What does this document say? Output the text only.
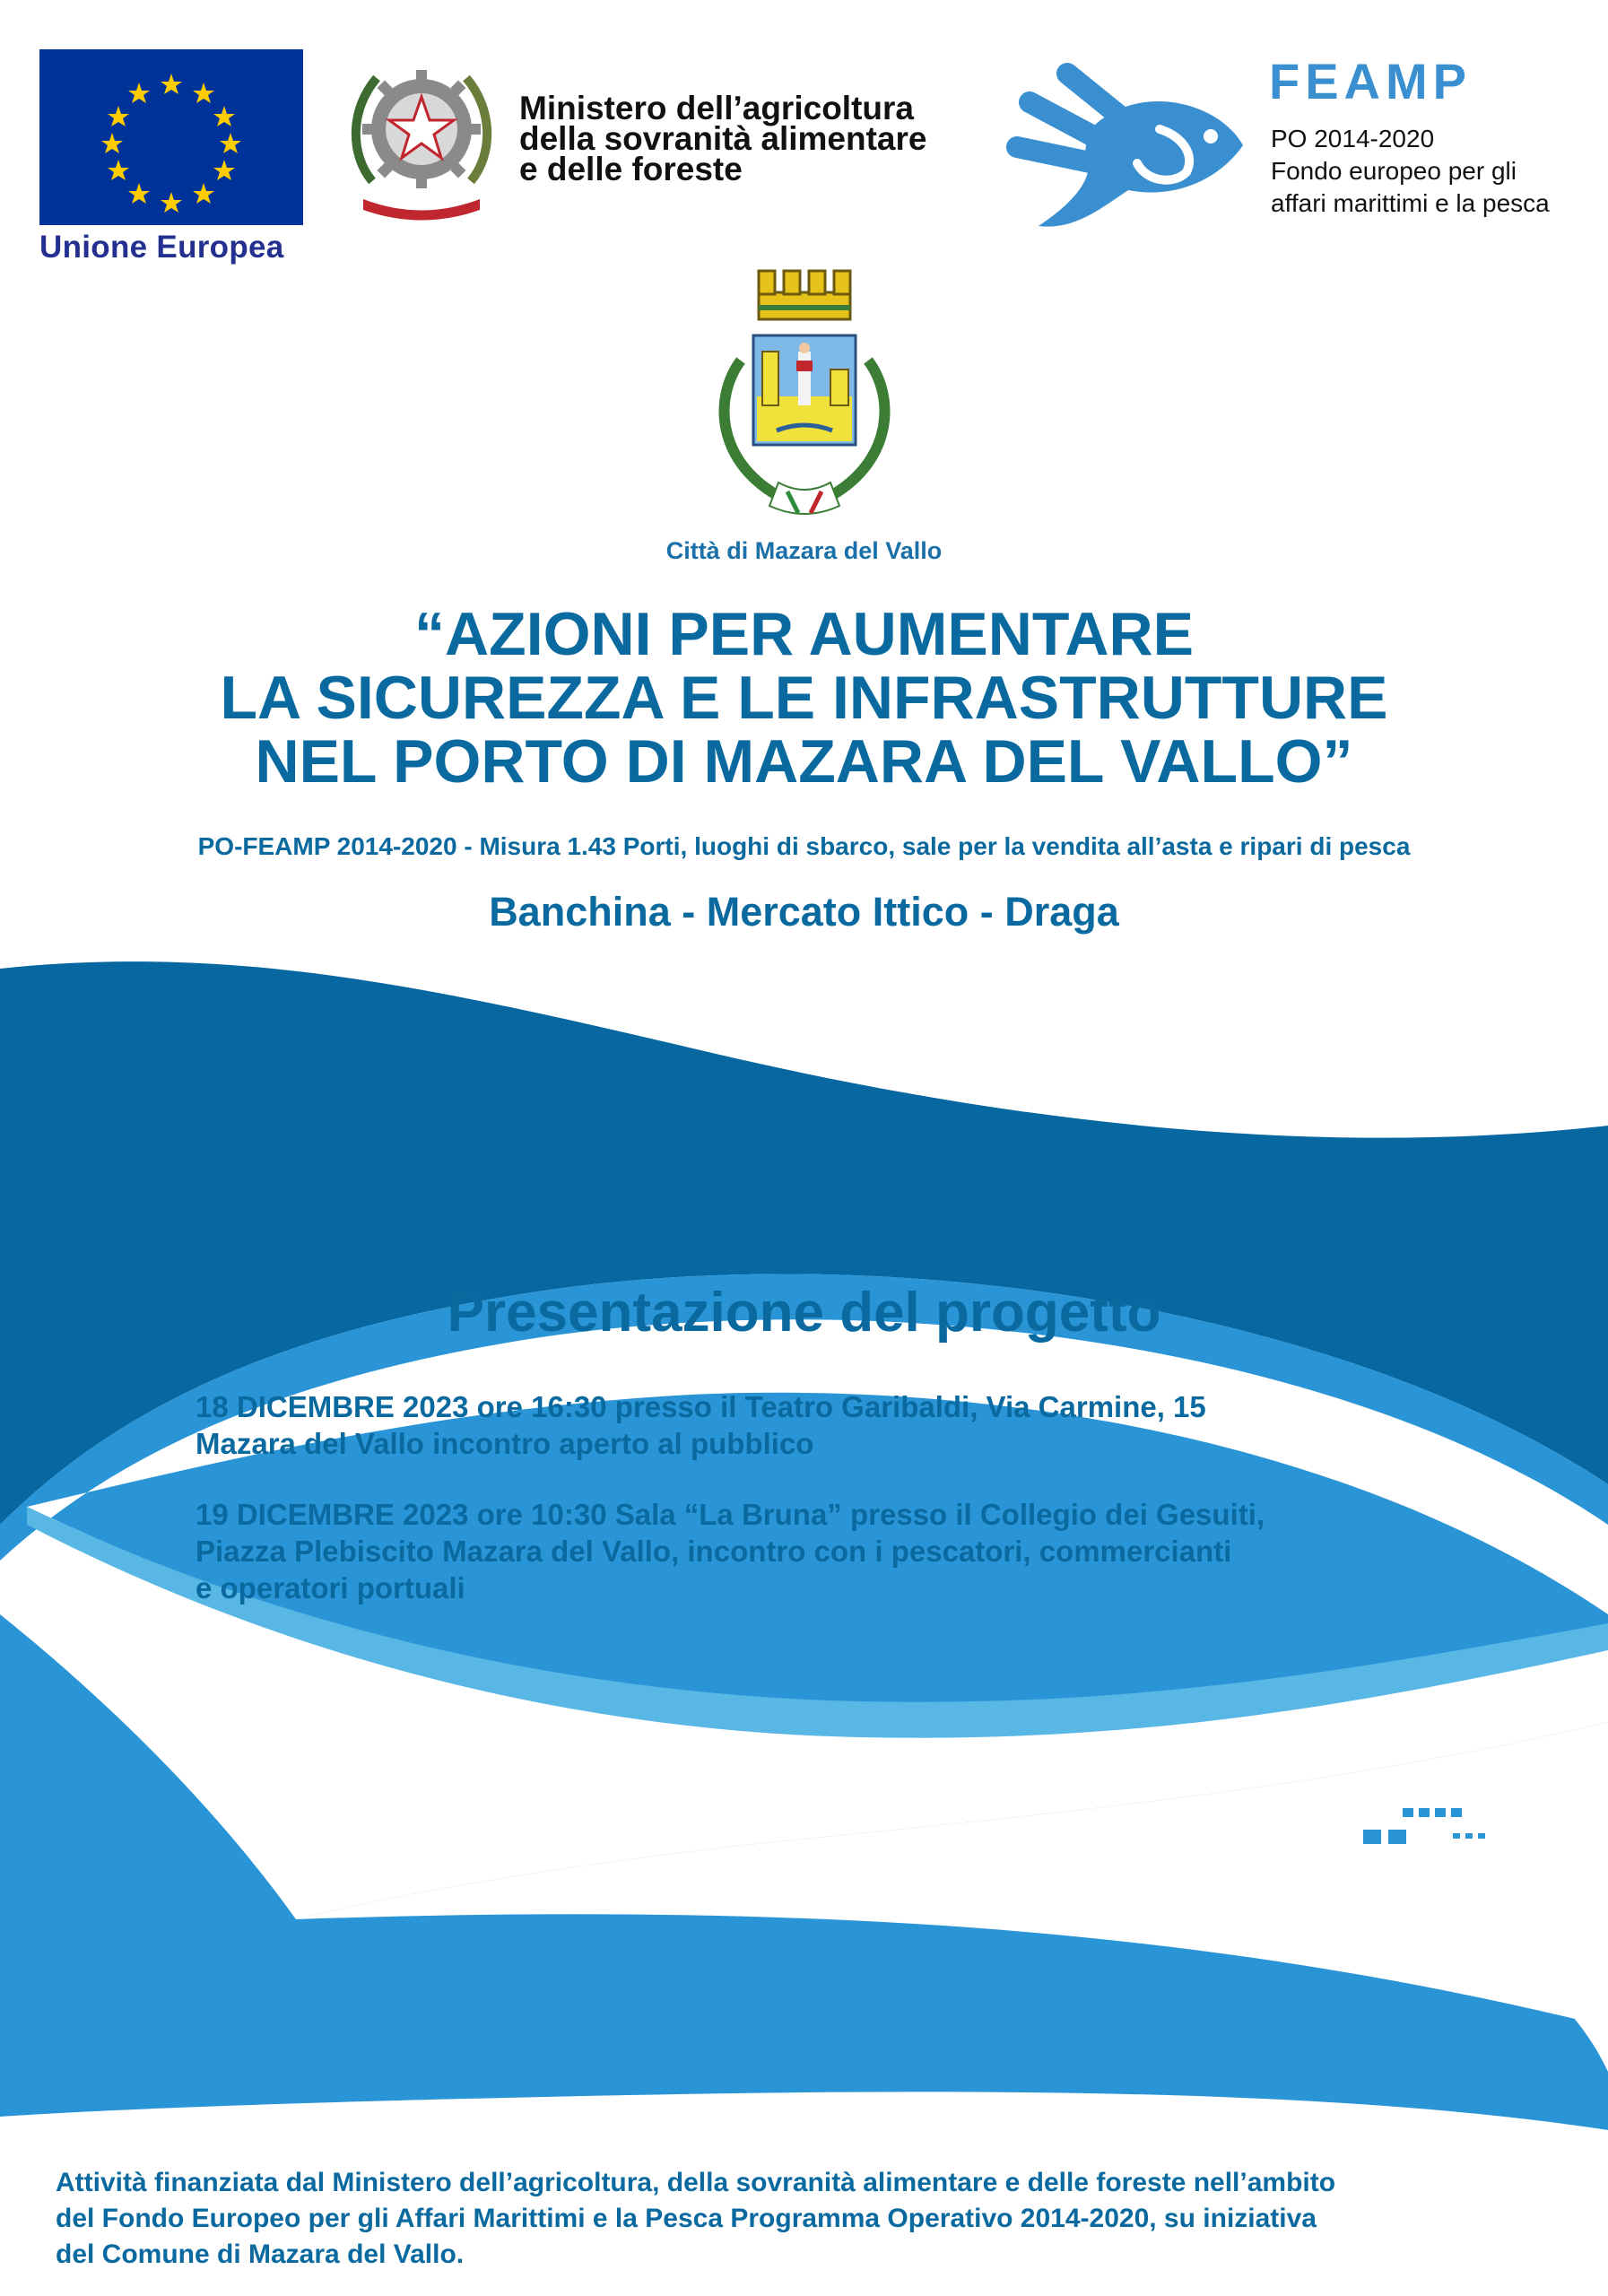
Unione Europea

Ministero dell’agricoltura
della sovranità alimentare
e delle foreste

FEAMP

PO 2014-2020
Fondo europeo per gli
affari marittimi e la pesca

Città di Mazara del Vallo

“AZIONI PER AUMENTARE
LA SICUREZZA E LE INFRASTRUTTURE
NEL PORTO DI MAZARA DEL VALLO”

PO-FEAMP 2014-2020 - Misura 1.43 Porti, luoghi di sbarco, sale per la vendita all’asta e ripari di pesca

Banchina - Mercato Ittico - Draga

Presentazione del progetto

18 DICEMBRE 2023 ore 16:30 presso il Teatro Garibaldi, Via Carmine, 15
Mazara del Vallo incontro aperto al pubblico
19 DICEMBRE 2023 ore 10:30 Sala “La Bruna” presso il Collegio dei Gesuiti,
Piazza Plebiscito Mazara del Vallo, incontro con i pescatori, commercianti
e operatori portuali
Attività finanziata dal Ministero dell’agricoltura, della sovranità alimentare e delle foreste nell’ambito
del Fondo Europeo per gli Affari Marittimi e la Pesca Programma Operativo 2014-2020, su iniziativa
del Comune di Mazara del Vallo.
